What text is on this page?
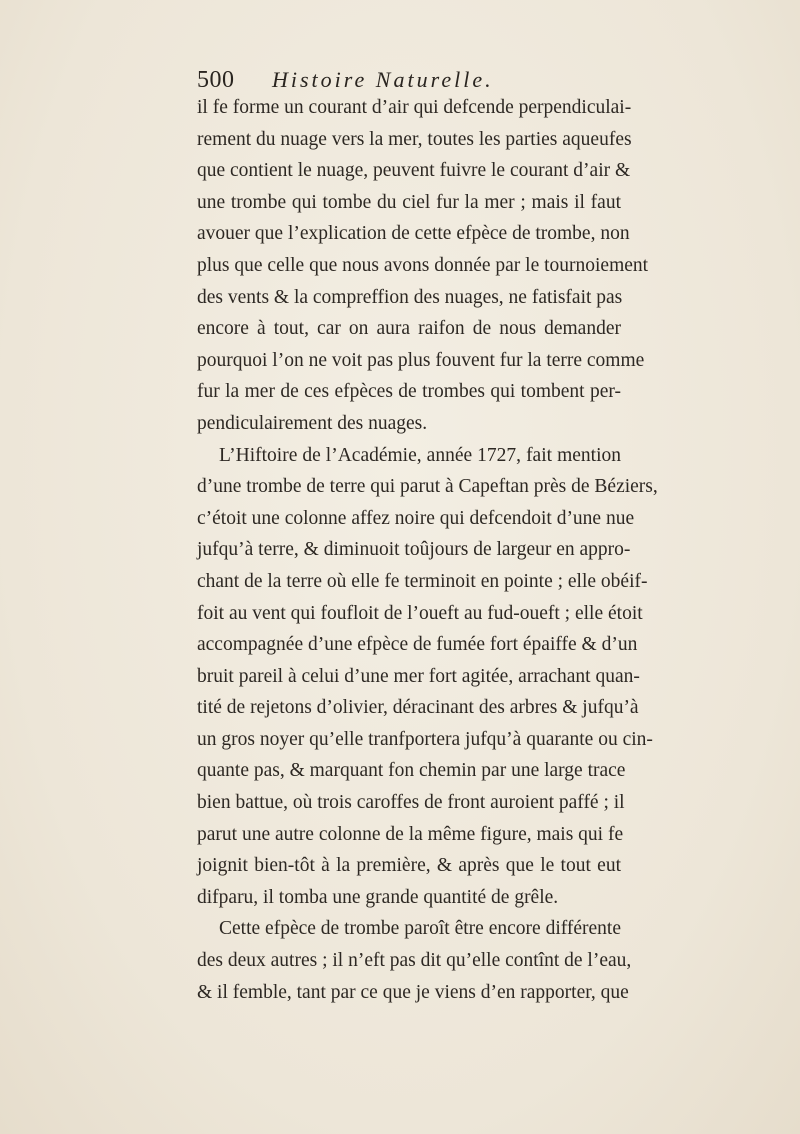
500 Histoire Naturelle.
il fe forme un courant d’air qui defcende perpendiculai-
rement du nuage vers la mer, toutes les parties aqueufes
que contient le nuage, peuvent fuivre le courant d’air &
une trombe qui tombe du ciel fur la mer ; mais il faut
avouer que l’explication de cette efpèce de trombe, non
plus que celle que nous avons donnée par le tournoiement
des vents & la compreffion des nuages, ne fatisfait pas
encore à tout, car on aura raifon de nous demander
pourquoi l’on ne voit pas plus fouvent fur la terre comme
fur la mer de ces efpèces de trombes qui tombent per-
pendiculairement des nuages.
L’Hiftoire de l’Académie, année 1727, fait mention
d’une trombe de terre qui parut à Capeftan près de Béziers,
c’étoit une colonne affez noire qui defcendoit d’une nue
jufqu’à terre, & diminuoit toûjours de largeur en appro-
chant de la terre où elle fe terminoit en pointe ; elle obéif-
foit au vent qui foufloit de l’oueft au fud-oueft ; elle étoit
accompagnée d’une efpèce de fumée fort épaiffe & d’un
bruit pareil à celui d’une mer fort agitée, arrachant quan-
tité de rejetons d’olivier, déracinant des arbres & jufqu’à
un gros noyer qu’elle tranfportera jufqu’à quarante ou cin-
quante pas, & marquant fon chemin par une large trace
bien battue, où trois caroffes de front auroient paffé ; il
parut une autre colonne de la même figure, mais qui fe
joignit bien-tôt à la première, & après que le tout eut
difparu, il tomba une grande quantité de grêle.
Cette efpèce de trombe paroît être encore différente
des deux autres ; il n’eft pas dit qu’elle contînt de l’eau,
& il femble, tant par ce que je viens d’en rapporter, que
